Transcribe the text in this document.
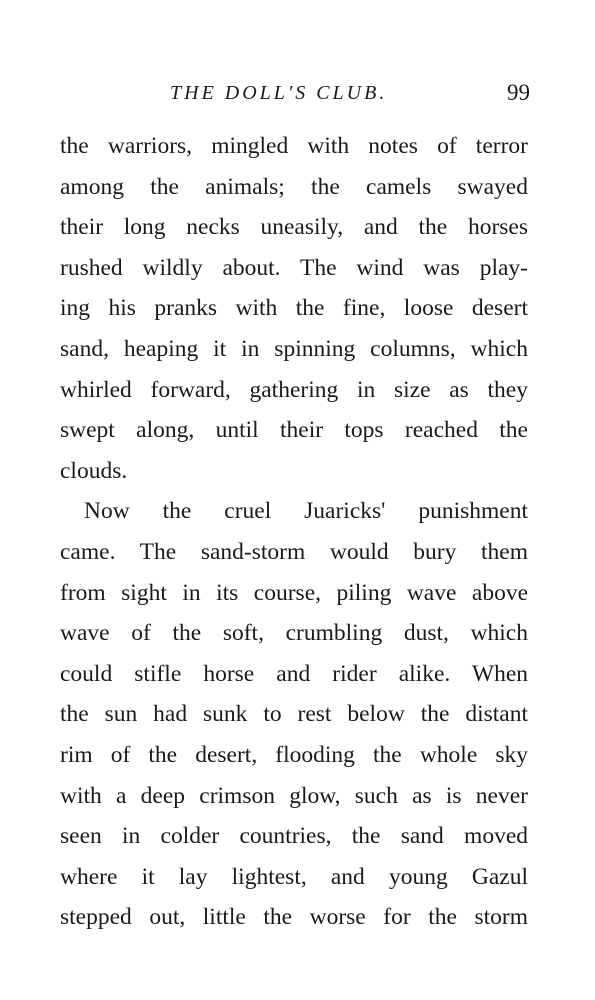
THE DOLL'S CLUB.	99
the warriors, mingled with notes of terror
among the animals; the camels swayed
their long necks uneasily, and the horses
rushed wildly about. The wind was play-
ing his pranks with the fine, loose desert
sand, heaping it in spinning columns, which
whirled forward, gathering in size as they
swept along, until their tops reached the
clouds.
Now the cruel Juaricks' punishment
came. The sand-storm would bury them
from sight in its course, piling wave above
wave of the soft, crumbling dust, which
could stifle horse and rider alike. When
the sun had sunk to rest below the distant
rim of the desert, flooding the whole sky
with a deep crimson glow, such as is never
seen in colder countries, the sand moved
where it lay lightest, and young Gazul
stepped out, little the worse for the storm
